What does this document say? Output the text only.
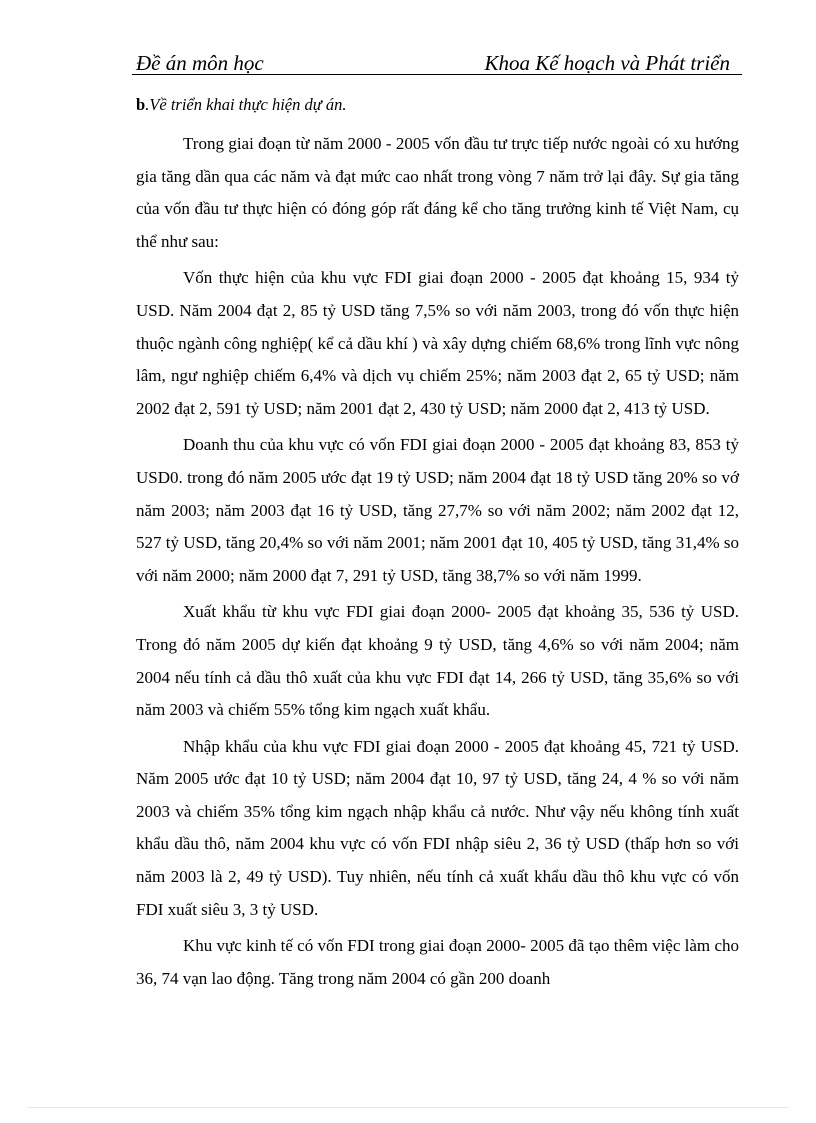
Đề án môn học	Khoa Kế hoạch và Phát triển

b.Về triển khai thực hiện dự án.

Trong giai đoạn từ năm 2000 - 2005 vốn đầu tư trực tiếp nước ngoài có xu hướng gia tăng dần qua các năm và đạt mức cao nhất trong vòng 7 năm trở lại đây. Sự gia tăng của vốn đầu tư thực hiện có đóng góp rất đáng kể cho tăng trưởng kinh tế Việt Nam, cụ thể như sau:

Vốn thực hiện của khu vực FDI giai đoạn 2000 - 2005 đạt khoảng 15, 934 tỷ USD. Năm 2004 đạt 2, 85 tỷ USD tăng 7,5% so với năm 2003, trong đó vốn thực hiện thuộc ngành công nghiệp( kể cả dầu khí ) và xây dựng chiếm 68,6% trong lĩnh vực nông lâm, ngư nghiệp chiếm 6,4% và dịch vụ chiếm 25%; năm 2003 đạt 2, 65 tỷ USD; năm 2002 đạt 2, 591 tỷ USD; năm 2001 đạt 2, 430 tỷ USD; năm 2000 đạt 2, 413 tỷ USD.

Doanh thu của khu vực có vốn FDI giai đoạn 2000 - 2005 đạt khoảng 83, 853 tỷ USD0. trong đó năm 2005 ước đạt 19 tỷ USD; năm 2004 đạt 18 tỷ USD tăng 20% so vớ năm 2003; năm 2003 đạt 16 tỷ USD, tăng 27,7% so với năm 2002; năm 2002 đạt 12, 527 tỷ USD, tăng 20,4% so với năm 2001; năm 2001 đạt 10, 405 tỷ USD, tăng 31,4% so với năm 2000; năm 2000 đạt 7, 291 tỷ USD, tăng 38,7% so với năm 1999.

Xuất khẩu từ khu vực FDI giai đoạn 2000- 2005 đạt khoảng 35, 536 tỷ USD. Trong đó năm 2005 dự kiến đạt khoảng 9 tỷ USD, tăng 4,6% so với năm 2004; năm 2004 nếu tính cả dầu thô xuất của khu vực FDI đạt 14, 266 tỷ USD, tăng 35,6% so với năm 2003 và chiếm 55% tổng kim ngạch xuất khẩu.

Nhập khẩu của khu vực FDI giai đoạn 2000 - 2005 đạt khoảng 45, 721 tỷ USD. Năm 2005 ước đạt 10 tỷ USD; năm 2004 đạt 10, 97 tỷ USD, tăng 24, 4 % so với năm 2003 và chiếm 35% tổng kim ngạch nhập khẩu cả nước. Như vậy nếu không tính xuất khẩu dầu thô, năm 2004 khu vực có vốn FDI nhập siêu 2, 36 tỷ USD (thấp hơn so với năm 2003 là 2, 49 tỷ USD). Tuy nhiên, nếu tính cả xuất khẩu dầu thô khu vực có vốn FDI xuất siêu 3, 3 tỷ USD.

Khu vực kinh tế có vốn FDI trong giai đoạn 2000- 2005 đã tạo thêm việc làm cho 36, 74 vạn lao động. Tăng trong năm 2004 có gần 200 doanh
